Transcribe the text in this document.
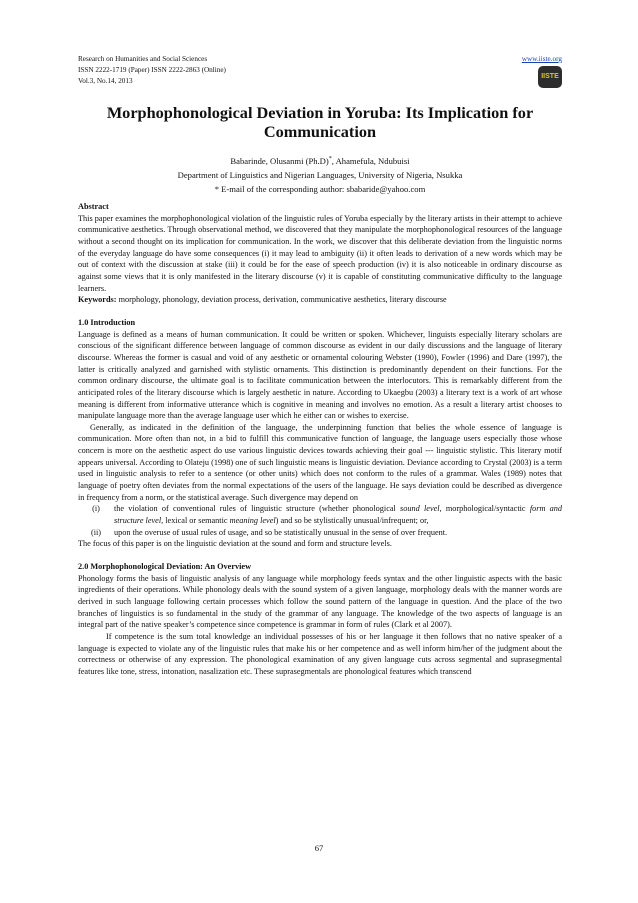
Research on Humanities and Social Sciences
ISSN 2222-1719 (Paper) ISSN 2222-2863 (Online)
Vol.3, No.14, 2013
www.iiste.org
IISTE
Morphophonological Deviation in Yoruba: Its Implication for Communication
Babarinde, Olusanmi (Ph.D)*, Ahamefula, Ndubuisi
Department of Linguistics and Nigerian Languages, University of Nigeria, Nsukka
* E-mail of the corresponding author: sbabaride@yahoo.com

Abstract

This paper examines the morphophonological violation of the linguistic rules of Yoruba especially by the literary artists in their attempt to achieve communicative aesthetics. Through observational method, we discovered that they manipulate the morphophonological resources of the language without a second thought on its implication for communication. In the work, we discover that this deliberate deviation from the linguistic norms of the everyday language do have some consequences (i) it may lead to ambiguity (ii) it often leads to derivation of a new words which may be out of context with the discussion at stake (iii) it could be for the ease of speech production (iv) it is also noticeable in ordinary discourse as against some views that it is only manifested in the literary discourse (v) it is capable of constituting communicative difficulty to the language learners.

Keywords: morphology, phonology, deviation process, derivation, communicative aesthetics, literary discourse

1.0 Introduction

Language is defined as a means of human communication. It could be written or spoken. Whichever, linguists especially literary scholars are conscious of the significant difference between language of common discourse as evident in our daily discussions and the language of literary discourse. Whereas the former is casual and void of any aesthetic or ornamental colouring Webster (1990), Fowler (1996) and Dare (1997), the latter is critically analyzed and garnished with stylistic ornaments. This distinction is predominantly dependent on their functions. For the common ordinary discourse, the ultimate goal is to facilitate communication between the interlocutors. This is remarkably different from the anticipated roles of the literary discourse which is largely aesthetic in nature. According to Ukaegbu (2003) a literary text is a work of art whose meaning is different from informative utterance which is cognitive in meaning and involves no emotion. As a result a literary artist chooses to manipulate language more than the average language user which he either can or wishes to exercise.

Generally, as indicated in the definition of the language, the underpinning function that belies the whole essence of language is communication. More often than not, in a bid to fulfill this communicative function of language, the language users especially those whose concern is more on the aesthetic aspect do use various linguistic devices towards achieving their goal --- linguistic stylistic. This literary motif appears universal. According to Olateju (1998) one of such linguistic means is linguistic deviation. Deviance according to Crystal (2003) is a term used in linguistic analysis to refer to a sentence (or other units) which does not conform to the rules of a grammar. Wales (1989) notes that language of poetry often deviates from the normal expectations of the users of the language. He says deviation could be described as divergence in frequency from a norm, or the statistical average. Such divergence may depend on

(i)	the violation of conventional rules of linguistic structure (whether phonological sound level, morphological/syntactic form and structure level, lexical or semantic meaning level) and so be stylistically unusual/infrequent; or,
(ii)	upon the overuse of usual rules of usage, and so be statistically unusual in the sense of over frequent.

The focus of this paper is on the linguistic deviation at the sound and form and structure levels.

2.0 Morphophonological Deviation: An Overview

Phonology forms the basis of linguistic analysis of any language while morphology feeds syntax and the other linguistic aspects with the basic ingredients of their operations. While phonology deals with the sound system of a given language, morphology deals with the manner words are derived in such language following certain processes which follow the sound pattern of the language in question. And the place of the two branches of linguistics is so fundamental in the study of the grammar of any language. The knowledge of the two aspects of language is an integral part of the native speaker’s competence since competence is grammar in form of rules (Clark et al 2007).

If competence is the sum total knowledge an individual possesses of his or her language it then follows that no native speaker of a language is expected to violate any of the linguistic rules that make his or her competence and as well inform him/her of the judgment about the correctness or otherwise of any expression. The phonological examination of any given language cuts across segmental and suprasegmental features like tone, stress, intonation, nasalization etc. These suprasegmentals are phonological features which transcend

67
